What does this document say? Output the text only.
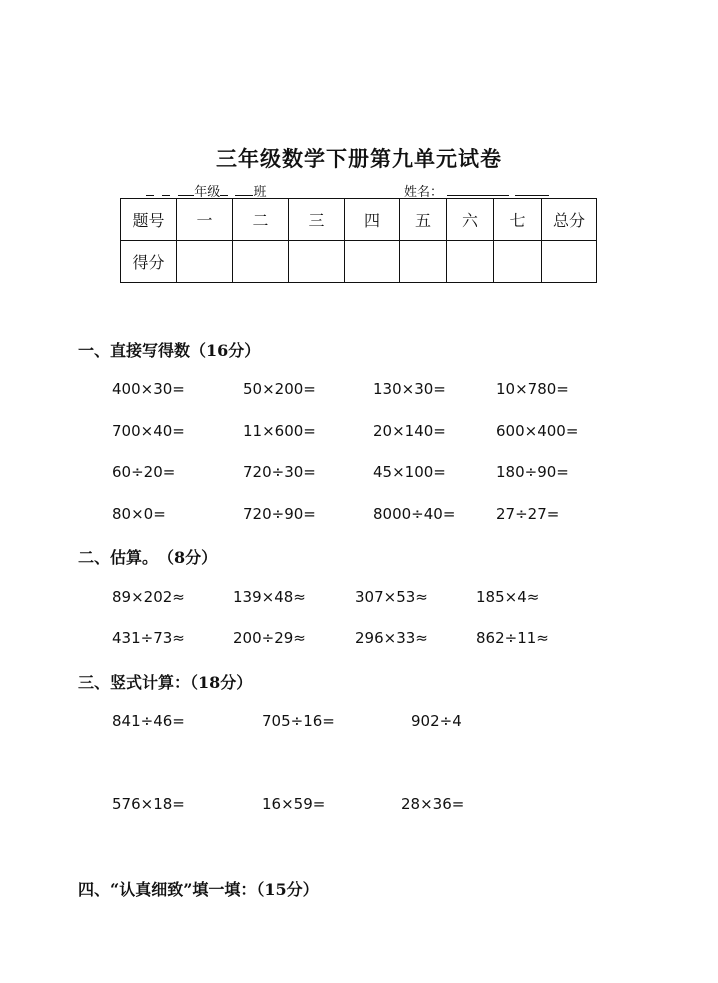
三年级数学下册第九单元试卷
年级	班	姓名：
题号	一	二	三	四	五	六	七	总分
得分								
一、直接写得数（16分）
400×30=	50×200=	130×30=	10×780=
700×40=	11×600=	20×140=	600×400=
60÷20=	720÷30=	45×100=	180÷90=
80×0=	720÷90=	8000÷40=	27÷27=
二、估算。　（8分）
89×202≈	139×48≈	307×53≈	185×4≈
431÷73≈	200÷29≈	296×33≈	862÷11≈
三、竖式计算：（18分）
841÷46=	705÷16=	902÷4
576×18=	16×59=	28×36=
四、“认真细致”填一填：（15分）
